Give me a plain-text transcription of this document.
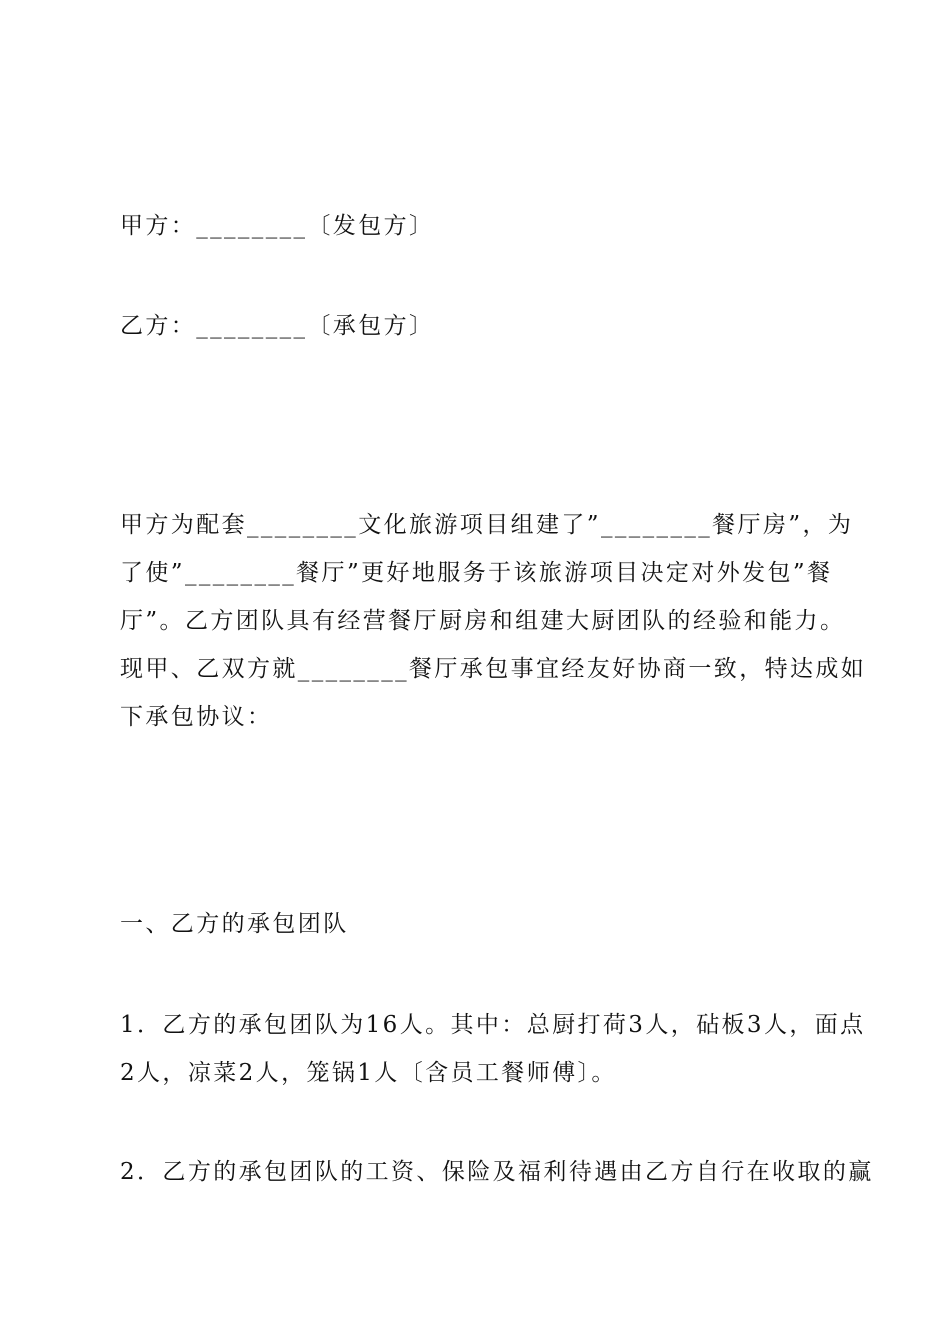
甲方：________〔发包方〕
乙方：________〔承包方〕

甲方为配套________文化旅游项目组建了”________餐厅房”，为

了使”________餐厅”更好地服务于该旅游项目决定对外发包”餐

厅”。乙方团队具有经营餐厅厨房和组建大厨团队的经验和能力。

现甲、乙双方就________餐厅承包事宜经友好协商一致，特达成如

下承包协议：

一、乙方的承包团队

1．乙方的承包团队为16人。其中：总厨打荷3人，砧板3人，面点

2人，凉菜2人，笼锅1人〔含员工餐师傅〕。

2．乙方的承包团队的工资、保险及福利待遇由乙方自行在收取的赢
